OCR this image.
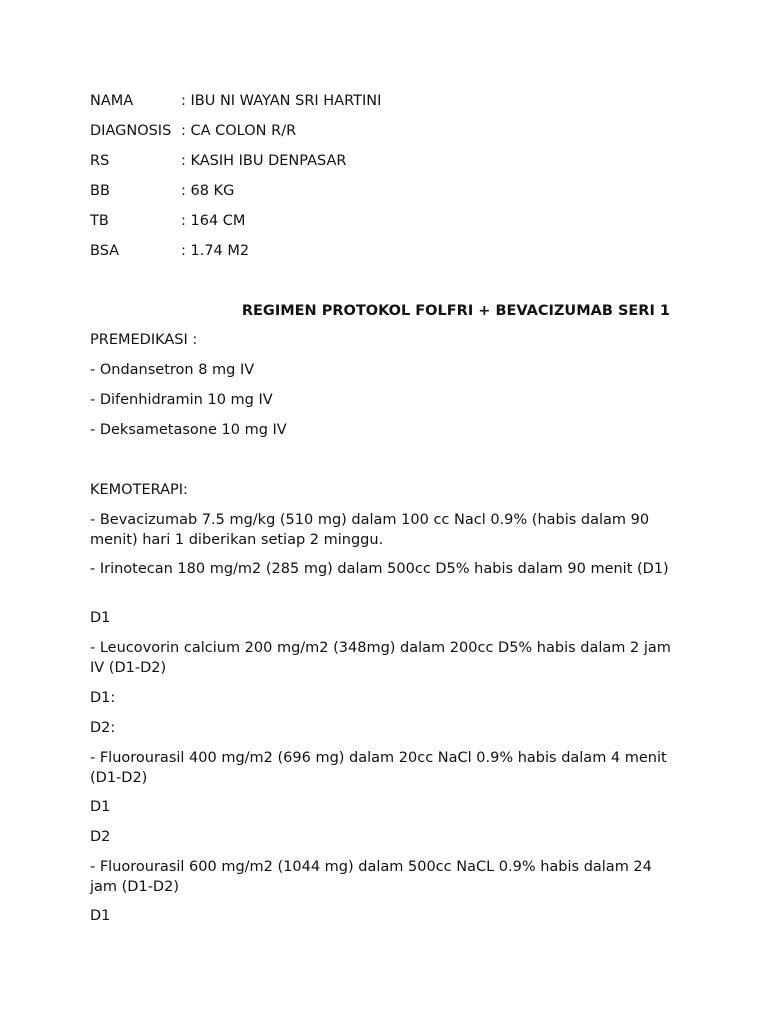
NAMA	: IBU NI WAYAN SRI HARTINI
DIAGNOSIS : CA COLON R/R
RS	: KASIH IBU DENPASAR
BB	: 68 KG
TB	: 164 CM
BSA	: 1.74 M2
REGIMEN PROTOKOL FOLFRI + BEVACIZUMAB SERI 1
PREMEDIKASI :
- Ondansetron 8 mg IV
- Difenhidramin 10 mg IV
- Deksametasone 10 mg IV
KEMOTERAPI:
- Bevacizumab 7.5 mg/kg (510 mg) dalam 100 cc Nacl 0.9% (habis dalam 90 menit) hari 1 diberikan setiap 2 minggu.
- Irinotecan 180 mg/m2 (285 mg) dalam 500cc D5% habis dalam 90 menit (D1)
D1
- Leucovorin calcium 200 mg/m2 (348mg) dalam 200cc D5% habis dalam 2 jam IV (D1-D2)
D1:
D2:
- Fluorourasil 400 mg/m2 (696 mg) dalam 20cc NaCl 0.9% habis dalam 4 menit (D1-D2)
D1
D2
- Fluorourasil 600 mg/m2 (1044 mg) dalam 500cc NaCL 0.9% habis dalam 24 jam (D1-D2)
D1
